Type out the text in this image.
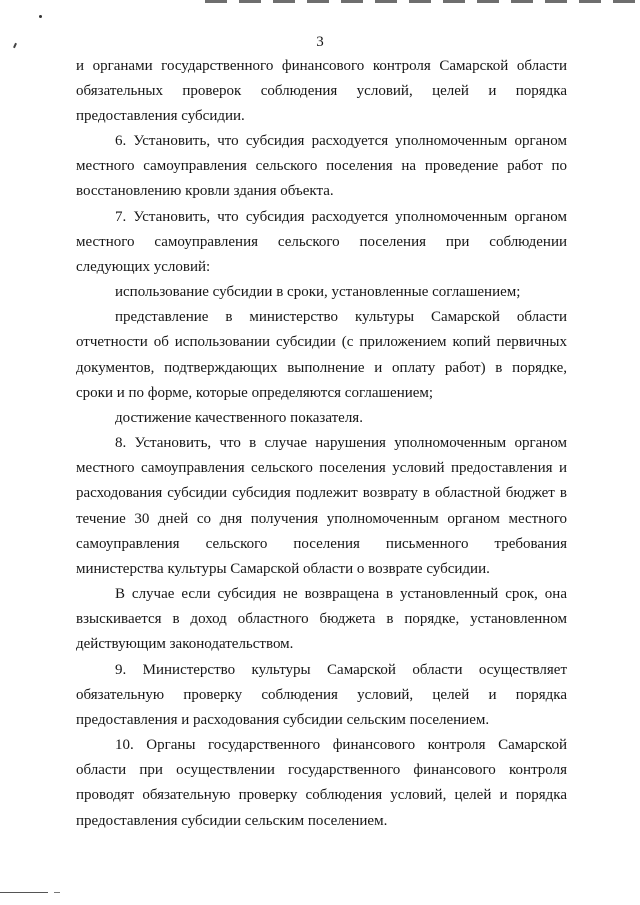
3
и органами государственного финансового контроля Самарской области
обязательных проверок соблюдения условий, целей и порядка
предоставления субсидии.
6. Установить, что субсидия расходуется уполномоченным органом
местного самоуправления сельского поселения на проведение работ по
восстановлению кровли здания объекта.
7. Установить, что субсидия расходуется уполномоченным органом
местного самоуправления сельского поселения при соблюдении
следующих условий:
использование субсидии в сроки, установленные соглашением;
представление в министерство культуры Самарской области
отчетности об использовании субсидии (с приложением копий первичных
документов, подтверждающих выполнение и оплату работ) в порядке,
сроки и по форме, которые определяются соглашением;
достижение качественного показателя.
8. Установить, что в случае нарушения уполномоченным органом
местного самоуправления сельского поселения условий предоставления и
расходования субсидии субсидия подлежит возврату в областной бюджет в
течение 30 дней со дня получения уполномоченным органом местного
самоуправления сельского поселения письменного требования
министерства культуры Самарской области о возврате субсидии.
В случае если субсидия не возвращена в установленный срок, она
взыскивается в доход областного бюджета в порядке, установленном
действующим законодательством.
9. Министерство культуры Самарской области осуществляет
обязательную проверку соблюдения условий, целей и порядка
предоставления и расходования субсидии сельским поселением.
10. Органы государственного финансового контроля Самарской
области при осуществлении государственного финансового контроля
проводят обязательную проверку соблюдения условий, целей и порядка
предоставления субсидии сельским поселением.
